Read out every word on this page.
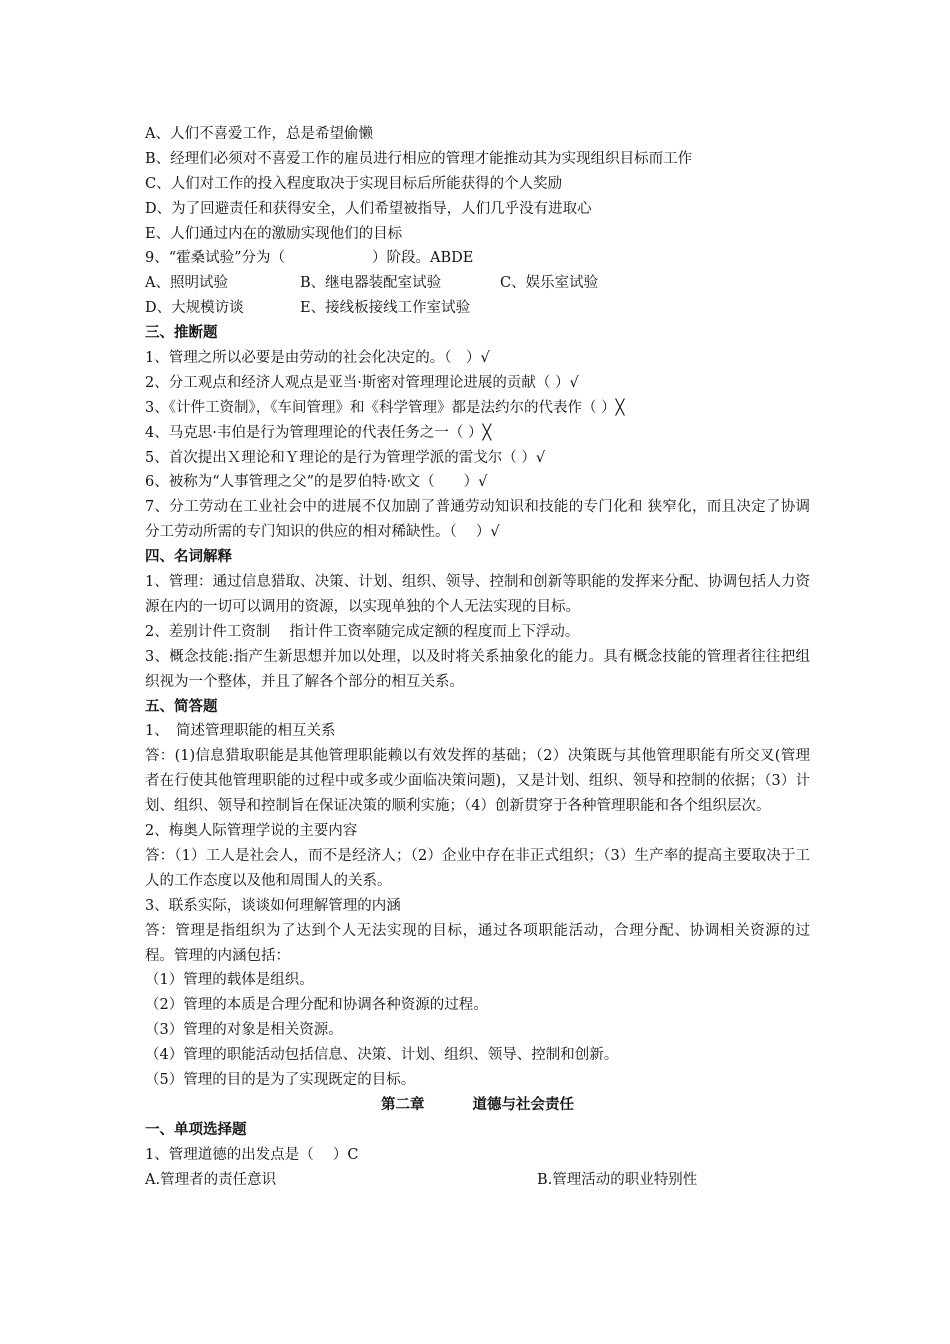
A、人们不喜爱工作，总是希望偷懒
B、经理们必须对不喜爱工作的雇员进行相应的管理才能推动其为实现组织目标而工作
C、人们对工作的投入程度取决于实现目标后所能获得的个人奖励
D、为了回避责任和获得安全，人们希望被指导，人们几乎没有进取心
E、人们通过内在的激励实现他们的目标
9、“霍桑试验”分为（　　　　　　）阶段。ABDE
A、照明试验	B、继电器装配室试验	C、娱乐室试验
D、大规模访谈	E、接线板接线工作室试验
三、推断题
1、管理之所以必要是由劳动的社会化决定的。（　）√
2、分工观点和经济人观点是亚当·斯密对管理理论进展的贡献（ ）√
3、《计件工资制》，《车间管理》和《科学管理》都是法约尔的代表作（ ）╳
4、马克思·韦伯是行为管理理论的代表任务之一（ ）╳
5、首次提出Ｘ理论和Ｙ理论的是行为管理学派的雷戈尔（ ）√
6、被称为“人事管理之父”的是罗伯特·欧文（　　）√
7、分工劳动在工业社会中的进展不仅加剧了普通劳动知识和技能的专门化和 狭窄化，而且决定了协调分工劳动所需的专门知识的供应的相对稀缺性。（　 ）√
四、名词解释
1、管理：通过信息猎取、决策、计划、组织、领导、控制和创新等职能的发挥来分配、协调包括人力资源在内的一切可以调用的资源，以实现单独的个人无法实现的目标。
2、差别计件工资制　 指计件工资率随完成定额的程度而上下浮动。
3、概念技能:指产生新思想并加以处理，以及时将关系抽象化的能力。具有概念技能的管理者往往把组织视为一个整体，并且了解各个部分的相互关系。
五、简答题
1、　简述管理职能的相互关系
答：(1)信息猎取职能是其他管理职能赖以有效发挥的基础；（2）决策既与其他管理职能有所交叉(管理者在行使其他管理职能的过程中或多或少面临决策问题)，又是计划、组织、领导和控制的依据；（3）计划、组织、领导和控制旨在保证决策的顺利实施；（4）创新贯穿于各种管理职能和各个组织层次。
2、梅奥人际管理学说的主要内容
答：（1）工人是社会人，而不是经济人；（2）企业中存在非正式组织；（3）生产率的提高主要取决于工人的工作态度以及他和周围人的关系。
3、联系实际，谈谈如何理解管理的内涵
答：管理是指组织为了达到个人无法实现的目标，通过各项职能活动，合理分配、协调相关资源的过程。管理的内涵包括：
（1）管理的载体是组织。
（2）管理的本质是合理分配和协调各种资源的过程。
（3）管理的对象是相关资源。
（4）管理的职能活动包括信息、决策、计划、组织、领导、控制和创新。
（5）管理的目的是为了实现既定的目标。
第二章	道德与社会责任
一、单项选择题
1、管理道德的出发点是（　 ）C
A.管理者的责任意识	B.管理活动的职业特别性
